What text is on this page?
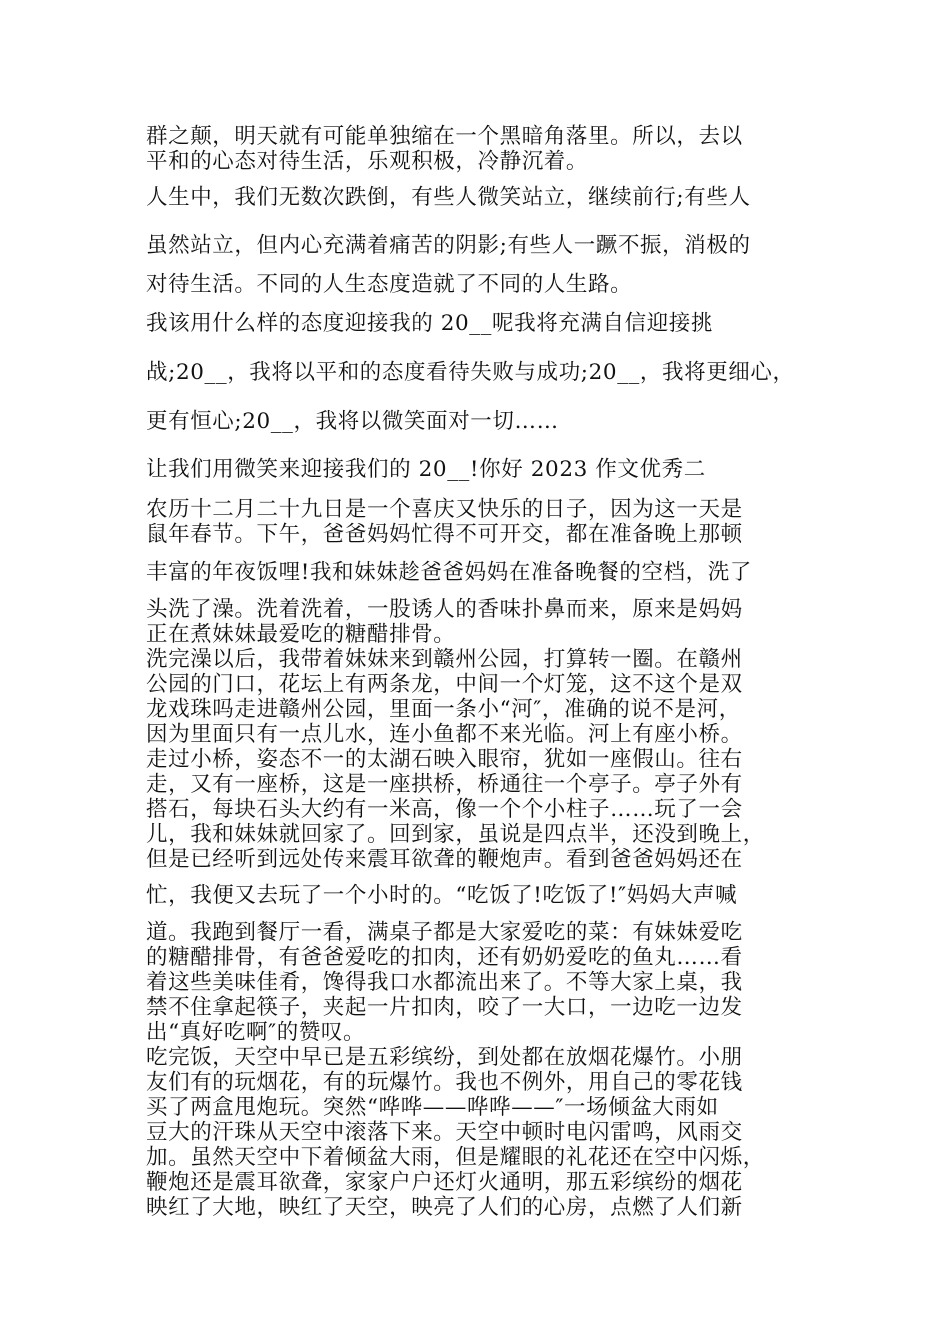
群之颠，明天就有可能单独缩在一个黑暗角落里。所以，去以

平和的心态对待生活，乐观积极，冷静沉着。

人生中，我们无数次跌倒，有些人微笑站立，继续前行;有些人

虽然站立，但内心充满着痛苦的阴影;有些人一蹶不振，消极的

对待生活。不同的人生态度造就了不同的人生路。

我该用什么样的态度迎接我的 20__呢我将充满自信迎接挑

战;20__，我将以平和的态度看待失败与成功;20__，我将更细心，

更有恒心;20__，我将以微笑面对一切……

让我们用微笑来迎接我们的 20__!你好 2023 作文优秀二

农历十二月二十九日是一个喜庆又快乐的日子，因为这一天是

鼠年春节。下午，爸爸妈妈忙得不可开交，都在准备晚上那顿

丰富的年夜饭哩!我和妹妹趁爸爸妈妈在准备晚餐的空档，洗了

头洗了澡。洗着洗着，一股诱人的香味扑鼻而来，原来是妈妈

正在煮妹妹最爱吃的糖醋排骨。

洗完澡以后，我带着妹妹来到赣州公园，打算转一圈。在赣州

公园的门口，花坛上有两条龙，中间一个灯笼，这不这个是双

龙戏珠吗走进赣州公园，里面一条小“河″，准确的说不是河，

因为里面只有一点儿水，连小鱼都不来光临。河上有座小桥。

走过小桥，姿态不一的太湖石映入眼帘，犹如一座假山。往右

走，又有一座桥，这是一座拱桥，桥通往一个亭子。亭子外有

搭石，每块石头大约有一米高，像一个个小柱子……玩了一会

儿，我和妹妹就回家了。回到家，虽说是四点半，还没到晚上，

但是已经听到远处传来震耳欲聋的鞭炮声。看到爸爸妈妈还在

忙，我便又去玩了一个小时的。“吃饭了!吃饭了!″妈妈大声喊

道。我跑到餐厅一看，满桌子都是大家爱吃的菜：有妹妹爱吃

的糖醋排骨，有爸爸爱吃的扣肉，还有奶奶爱吃的鱼丸……看

着这些美味佳肴，馋得我口水都流出来了。不等大家上桌，我

禁不住拿起筷子，夹起一片扣肉，咬了一大口，一边吃一边发

出“真好吃啊″的赞叹。

吃完饭，天空中早已是五彩缤纷，到处都在放烟花爆竹。小朋

友们有的玩烟花，有的玩爆竹。我也不例外，用自己的零花钱

买了两盒甩炮玩。突然“哗哗——哗哗——″一场倾盆大雨如

豆大的汗珠从天空中滚落下来。天空中顿时电闪雷鸣，风雨交

加。虽然天空中下着倾盆大雨，但是耀眼的礼花还在空中闪烁，

鞭炮还是震耳欲聋，家家户户还灯火通明，那五彩缤纷的烟花

映红了大地，映红了天空，映亮了人们的心房，点燃了人们新
